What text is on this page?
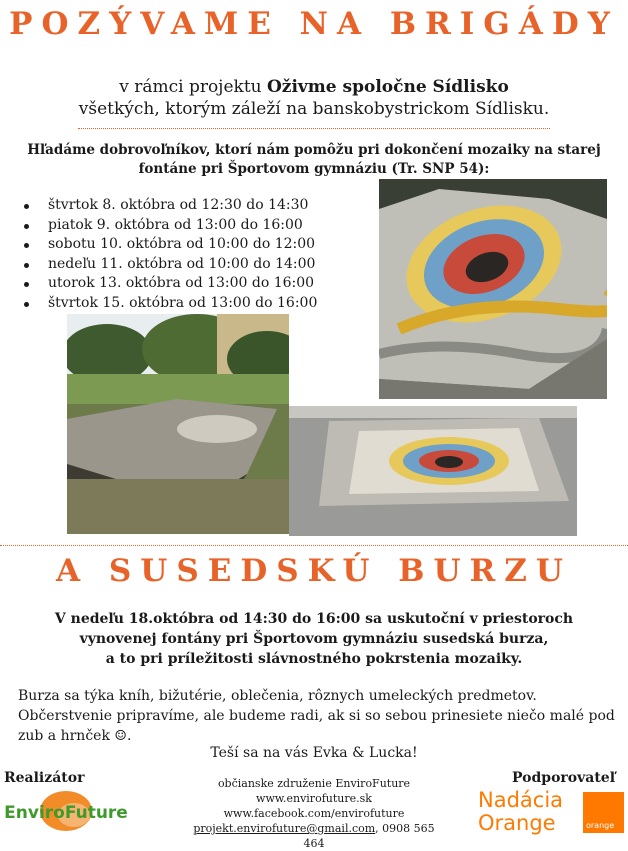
POZÝVAME NA BRIGÁDY
v rámci projektu Oživme spoločne Sídlisko
všetkých, ktorým záleží na banskobystrickom Sídlisku.
Hľadáme dobrovoľníkov, ktorí nám pomôžu pri dokončení mozaiky na starej
fontáne pri Športovom gymnáziu (Tr. SNP 54):
štvrtok 8. októbra od 12:30 do 14:30
piatok 9. októbra od 13:00 do 16:00
sobotu 10. októbra od 10:00 do 12:00
nedeľu 11. októbra od 10:00 do 14:00
utorok 13. októbra od 13:00 do 16:00
štvrtok 15. októbra od 13:00 do 16:00
A SUSEDSKÚ BURZU
V nedeľu 18.októbra od 14:30 do 16:00 sa uskutoční v priestoroch
vynovenej fontány pri Športovom gymnáziu susedská burza,
a to pri príležitosti slávnostného pokrstenia mozaiky.
Burza sa týka kníh, bižutérie, oblečenia, rôznych umeleckých predmetov.
Občerstvenie pripravíme, ale budeme radi, ak si so sebou prinesiete niečo malé pod
zub a hrnček ☺.
Teší sa na vás Evka & Lucka!
Realizátor	Podporovateľ
občianske združenie EnviroFuture
www.envirofuture.sk
www.facebook.com/envirofuture
projekt.envirofuture@gmail.com, 0908 565 464
EnviroFuture
Nadácia
Orange	orange
